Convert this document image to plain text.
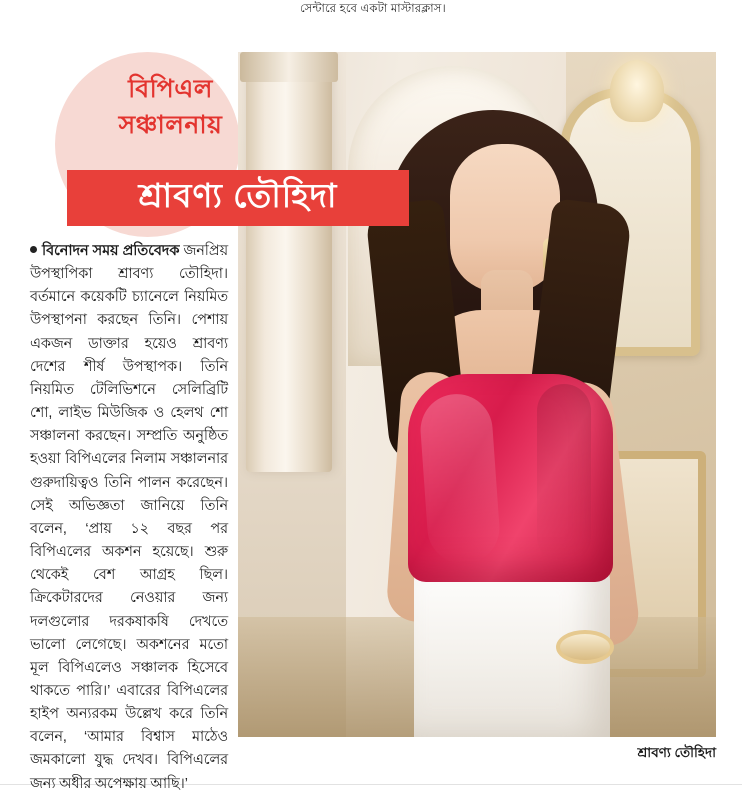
সেন্টারে হবে একটা মাস্টারক্লাস।
বিপিএল
সঞ্চালনায়
শ্রাবণ্য তৌহিদা

বিনোদন সময় প্রতিবেদক জনপ্রিয় উপস্থাপিকা শ্রাবণ্য তৌহিদা। বর্তমানে কয়েকটি চ্যানেলে নিয়মিত উপস্থাপনা করছেন তিনি। পেশায় একজন ডাক্তার হয়েও শ্রাবণ্য দেশের শীর্ষ উপস্থাপক। তিনি নিয়মিত টেলিভিশনে সেলিব্রিটি শো, লাইভ মিউজিক ও হেলথ শো সঞ্চালনা করছেন। সম্প্রতি অনুষ্ঠিত হওয়া বিপিএলের নিলাম সঞ্চালনার গুরুদায়িত্বও তিনি পালন করেছেন। সেই অভিজ্ঞতা জানিয়ে তিনি বলেন, ‘প্রায় ১২ বছর পর বিপিএলের অকশন হয়েছে। শুরু থেকেই বেশ আগ্রহ ছিল। ক্রিকেটারদের নেওয়ার জন্য দলগুলোর দরকষাকষি দেখতে ভালো লেগেছে। অকশনের মতো মূল বিপিএলেও সঞ্চালক হিসেবে থাকতে পারি।’ এবারের বিপিএলের হাইপ অন্যরকম উল্লেখ করে তিনি বলেন, ‘আমার বিশ্বাস মাঠেও জমকালো যুদ্ধ দেখব। বিপিএলের জন্য অধীর অপেক্ষায় আছি।’

শ্রাবণ্য তৌহিদা
